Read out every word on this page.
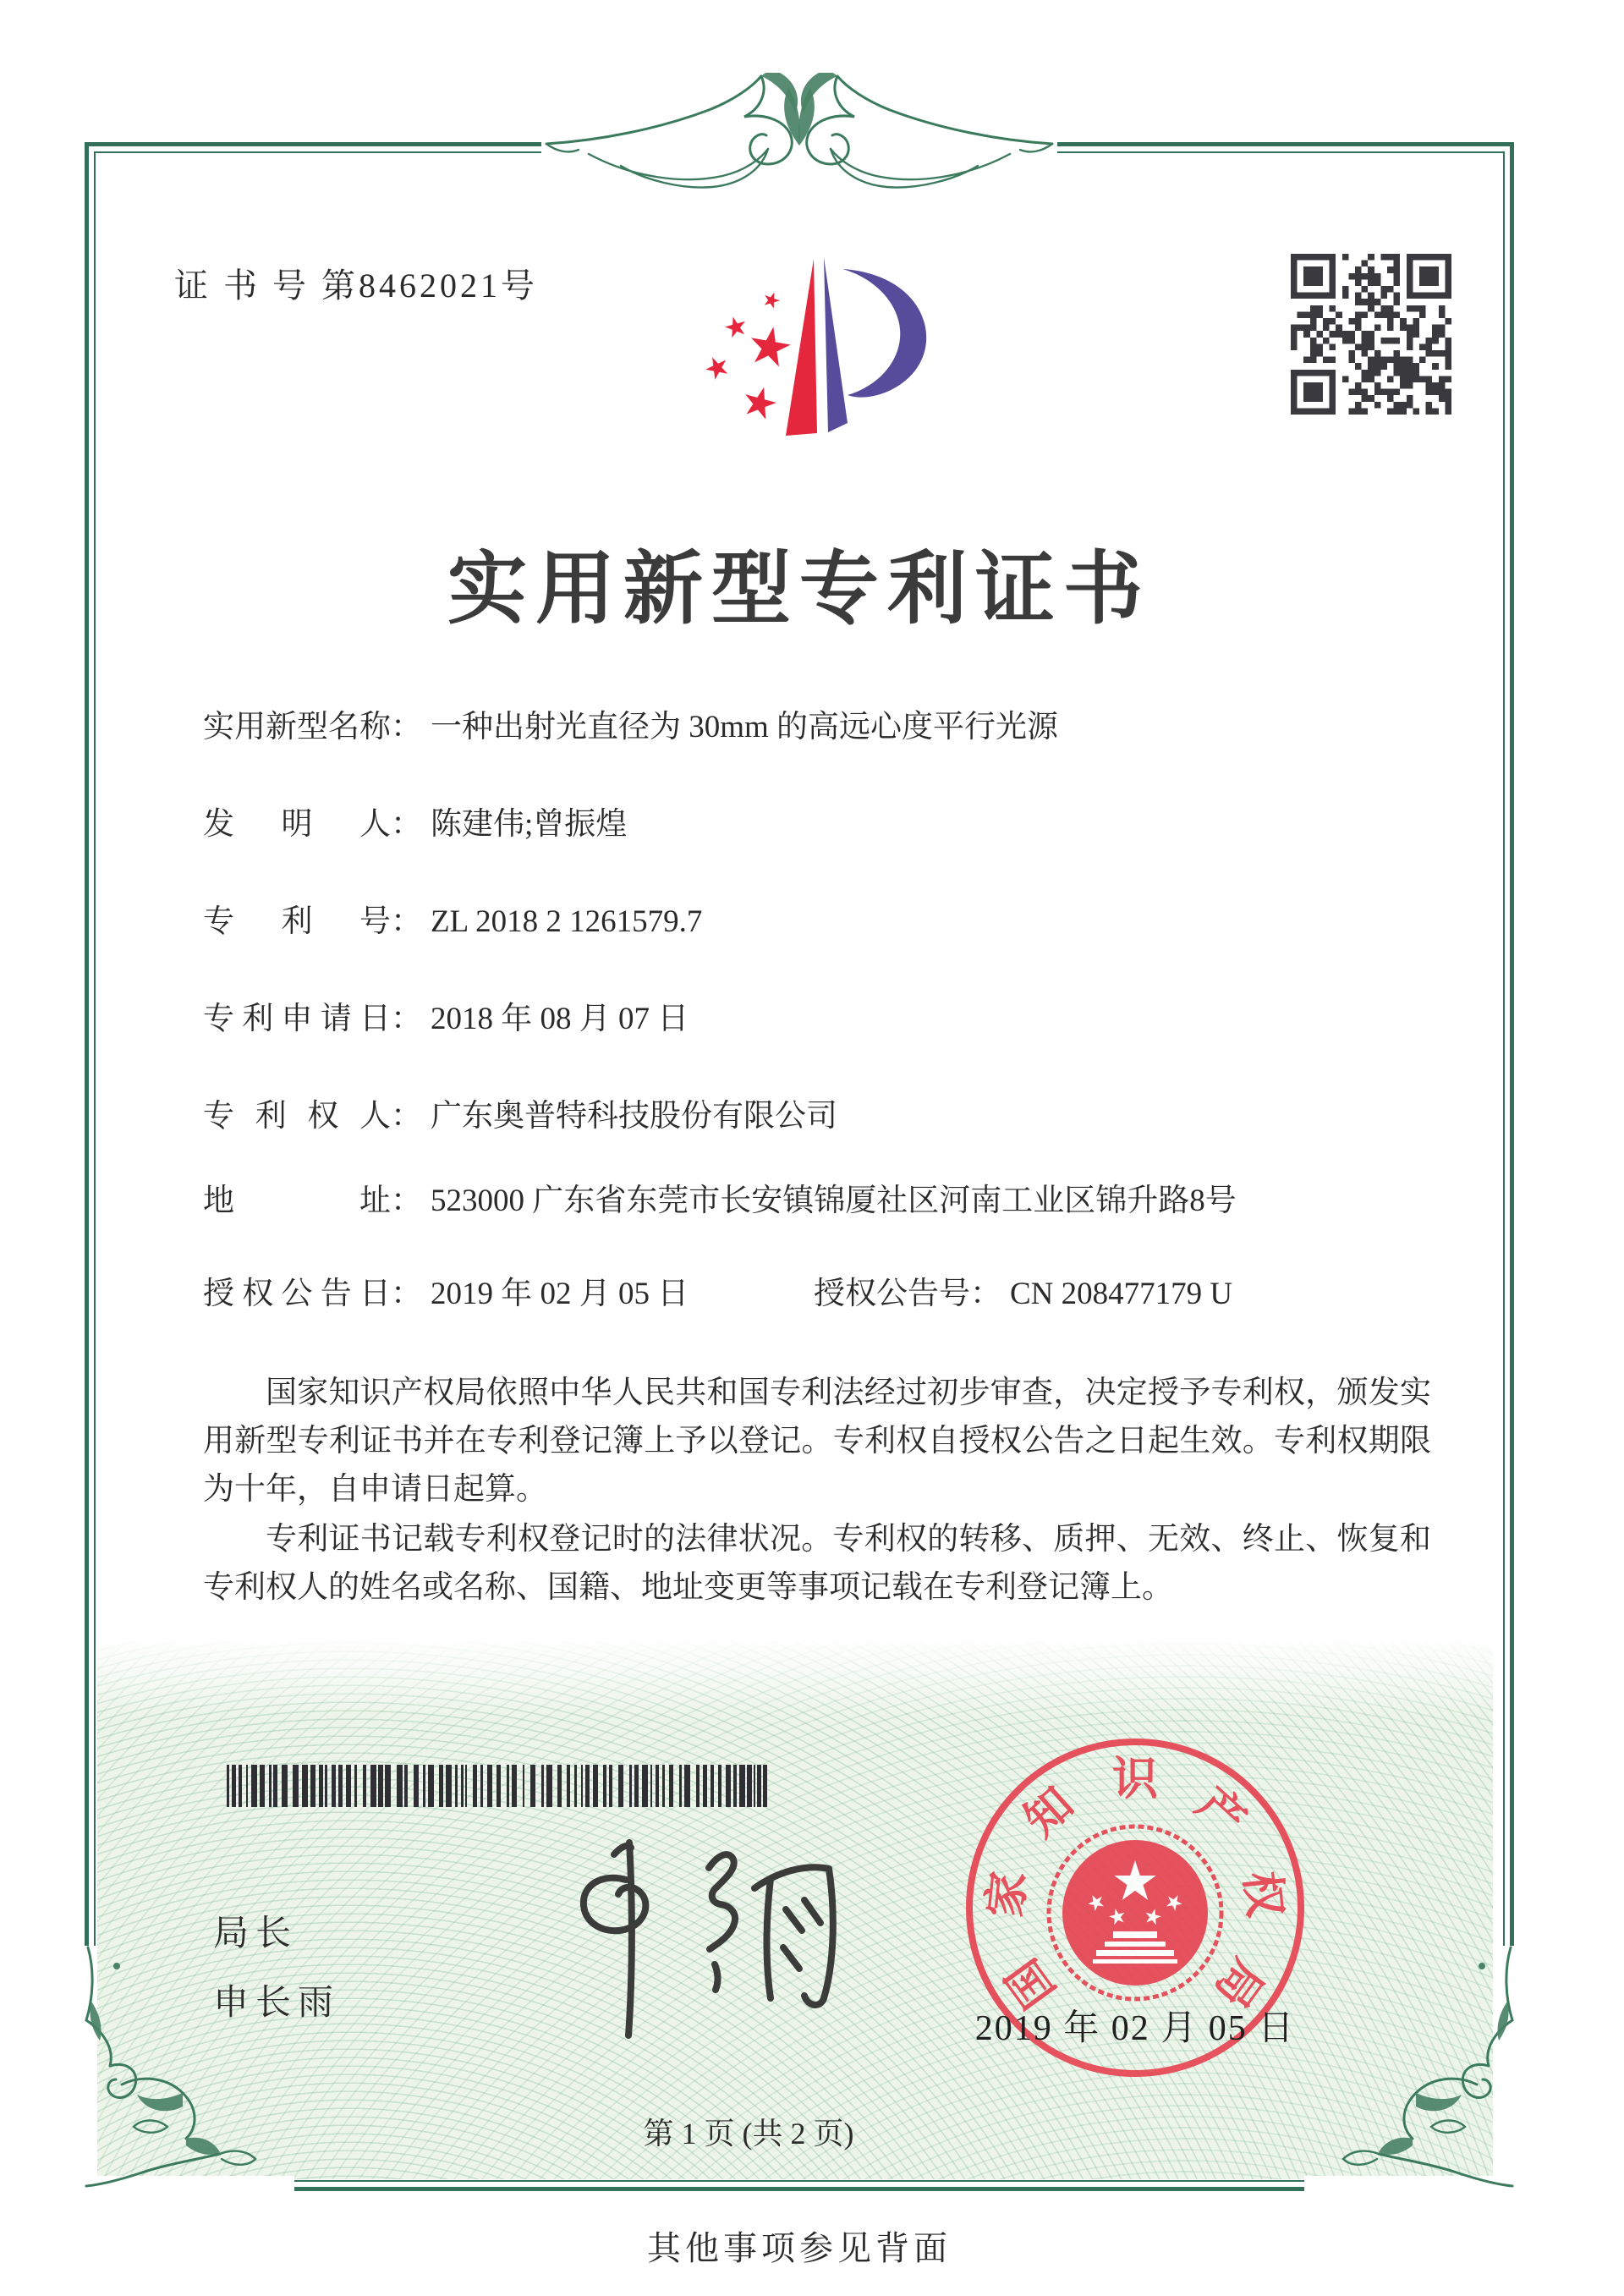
证 书 号 第8462021号
实用新型专利证书
实用新型名称： 一种出射光直径为 30mm 的高远心度平行光源
发明人： 陈建伟;曾振煌
专利号： ZL 2018 2 1261579.7
专利申请日： 2018 年 08 月 07 日
专利权人： 广东奥普特科技股份有限公司
地址： 523000 广东省东莞市长安镇锦厦社区河南工业区锦升路8号
授权公告日： 2019 年 02 月 05 日	授权公告号： CN 208477179 U

国家知识产权局依照中华人民共和国专利法经过初步审查，决定授予专利权，颁发实用新型专利证书并在专利登记簿上予以登记。专利权自授权公告之日起生效。专利权期限为十年，自申请日起算。

专利证书记载专利权登记时的法律状况。专利权的转移、质押、无效、终止、恢复和专利权人的姓名或名称、国籍、地址变更等事项记载在专利登记簿上。

局长
申长雨	国
家
知 识 产
权
局
2019 年 02 月 05 日
第 1 页 (共 2 页)
其他事项参见背面
